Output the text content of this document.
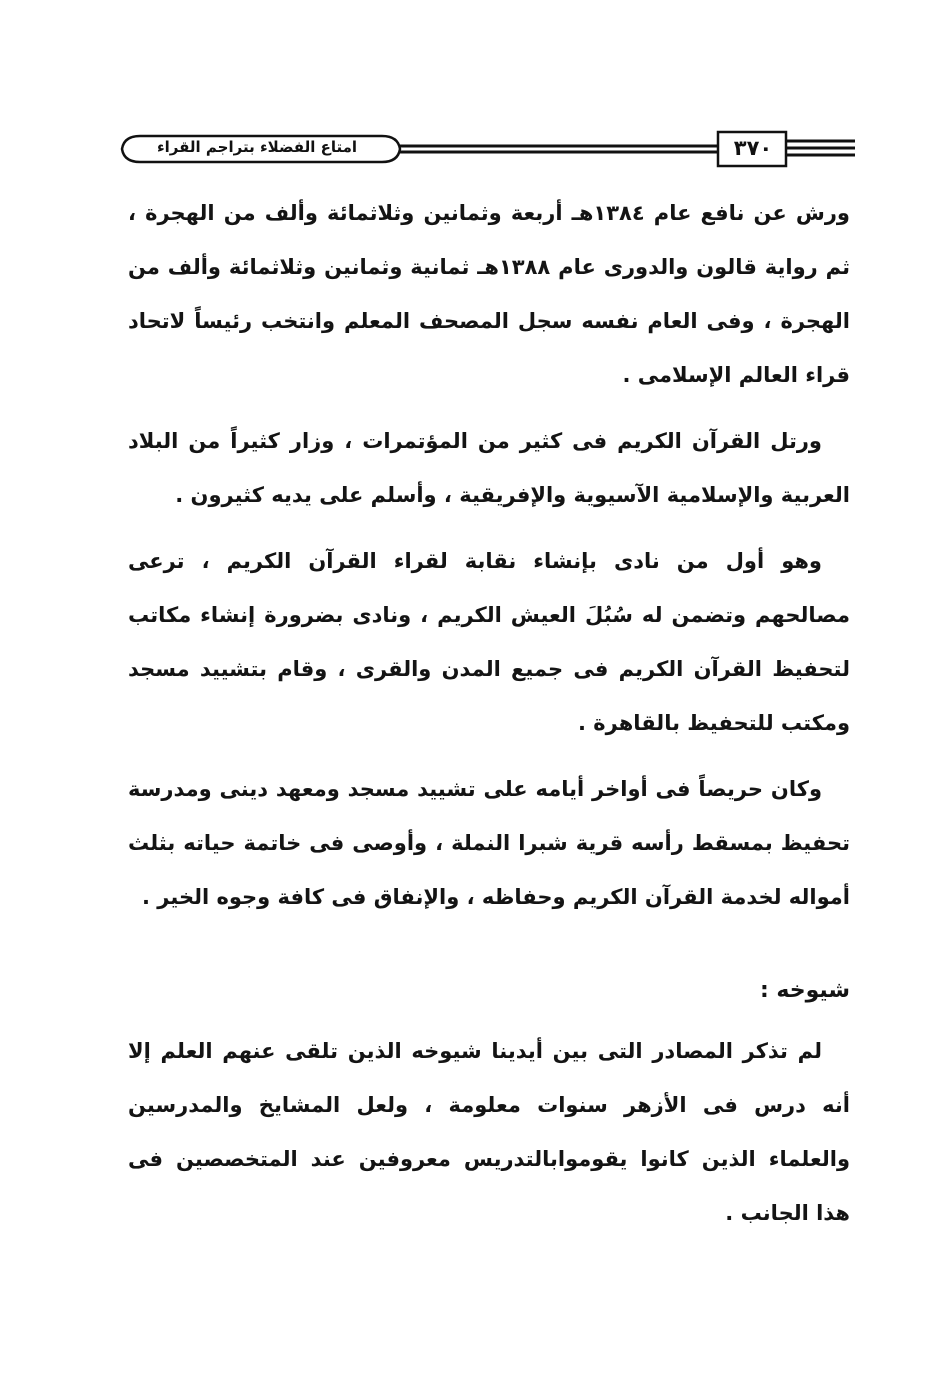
امتاع الفضلاء بتراجم القراء	٣٧٠

ورش عن نافع عام ١٣٨٤هـ أربعة وثمانين وثلاثمائة وألف من الهجرة ، ثم رواية قالون والدورى عام ١٣٨٨هـ ثمانية وثمانين وثلاثمائة وألف من الهجرة ، وفى العام نفسه سجل المصحف المعلم وانتخب رئيساً لاتحاد قراء العالم الإسلامى .

ورتل القرآن الكريم فى كثير من المؤتمرات ، وزار كثيراً من البلاد العربية والإسلامية الآسيوية والإفريقية ، وأسلم على يديه كثيرون .

وهو أول من نادى بإنشاء نقابة لقراء القرآن الكريم ، ترعى مصالحهم وتضمن له سُبُلَ العيش الكريم ، ونادى بضرورة إنشاء مكاتب لتحفيظ القرآن الكريم فى جميع المدن والقرى ، وقام بتشييد مسجد ومكتب للتحفيظ بالقاهرة .

وكان حريصاً فى أواخر أيامه على تشييد مسجد ومعهد دينى ومدرسة تحفيظ بمسقط رأسه قرية شبرا النملة ، وأوصى فى خاتمة حياته بثلث أمواله لخدمة القرآن الكريم وحفاظه ، والإنفاق فى كافة وجوه الخير .

شيوخه :

لم تذكر المصادر التى بين أيدينا شيوخه الذين تلقى عنهم العلم إلا أنه درس فى الأزهر سنوات معلومة ، ولعل المشايخ والمدرسين والعلماء الذين كانوا يقوموابالتدريس معروفين عند المتخصصين فى هذا الجانب .
